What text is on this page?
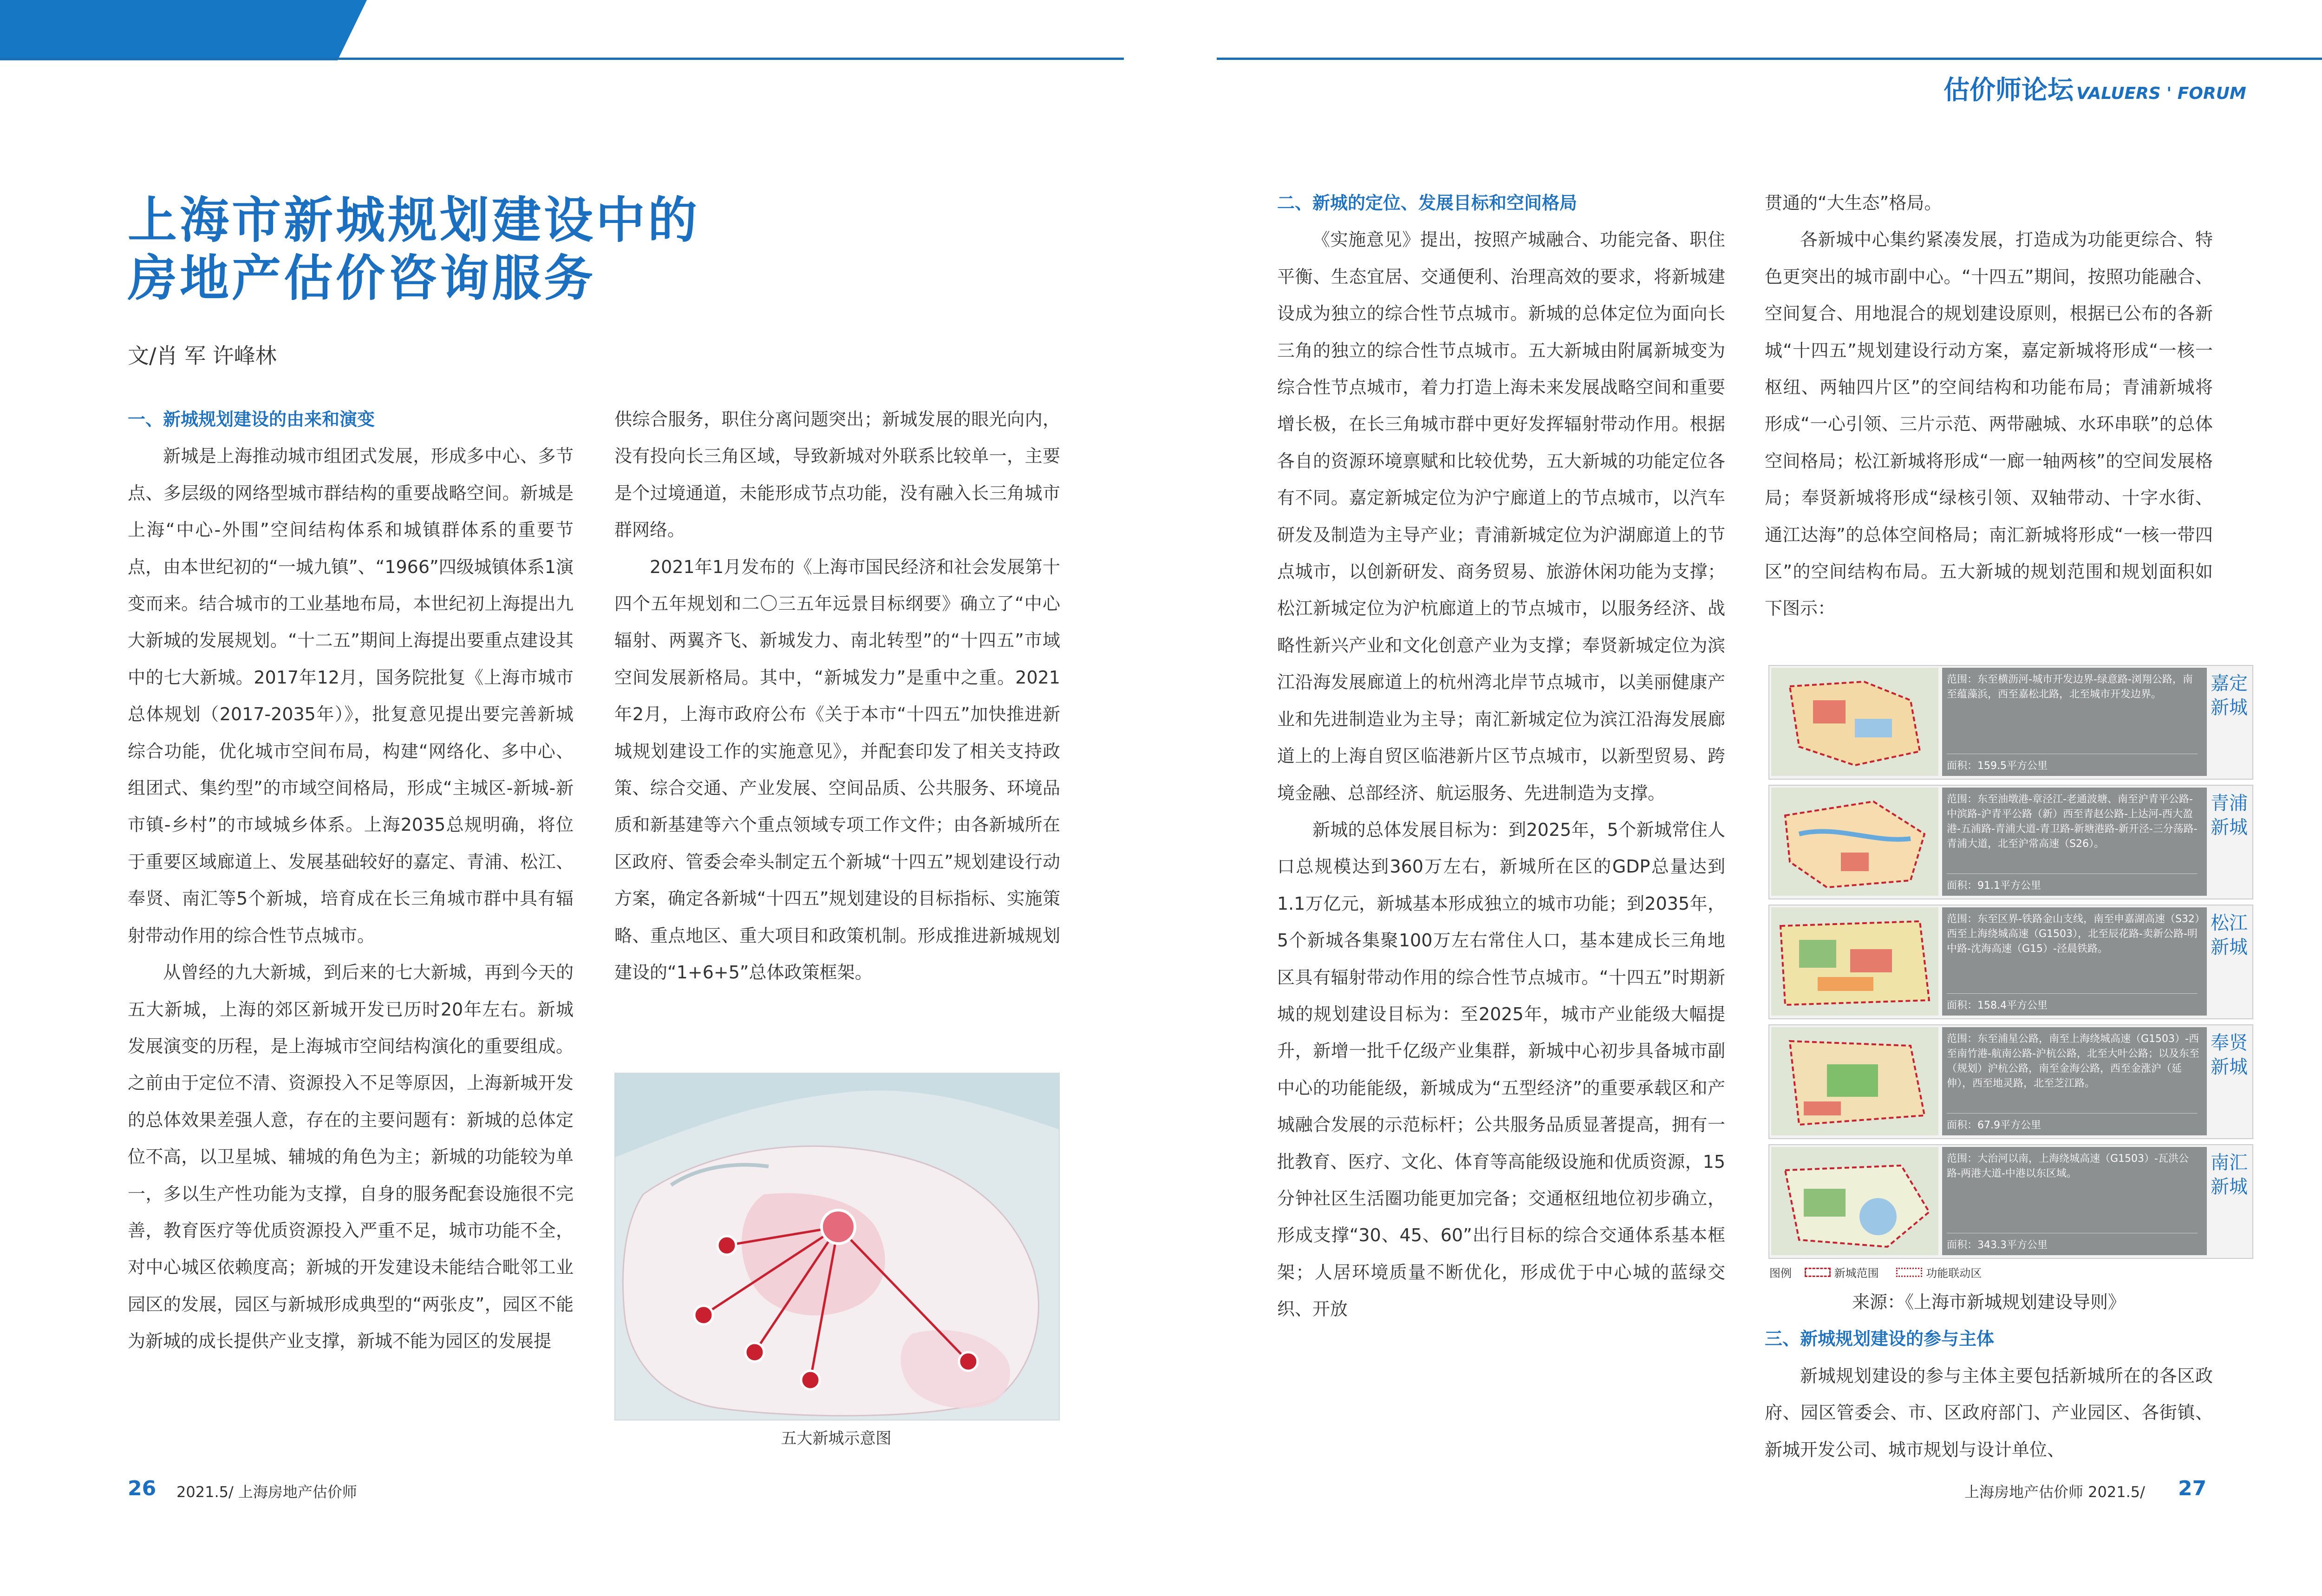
估价师论坛 VALUERS ' FORUM	估价师论坛 VALUERS ' FORUM
上海市新城规划建设中的
房地产估价咨询服务
文/肖 军 许峰林
一、新城规划建设的由来和演变

新城是上海推动城市组团式发展，形成多中心、多节点、多层级的网络型城市群结构的重要战略空间。新城是上海“中心-外围”空间结构体系和城镇群体系的重要节点，由本世纪初的“一城九镇”、“1966”四级城镇体系1演变而来。结合城市的工业基地布局，本世纪初上海提出九大新城的发展规划。“十二五”期间上海提出要重点建设其中的七大新城。2017年12月，国务院批复《上海市城市总体规划（2017-2035年）》，批复意见提出要完善新城综合功能，优化城市空间布局，构建“网络化、多中心、组团式、集约型”的市域空间格局，形成“主城区-新城-新市镇-乡村”的市域城乡体系。上海2035总规明确，将位于重要区域廊道上、发展基础较好的嘉定、青浦、松江、奉贤、南汇等5个新城，培育成在长三角城市群中具有辐射带动作用的综合性节点城市。

从曾经的九大新城，到后来的七大新城，再到今天的五大新城，上海的郊区新城开发已历时20年左右。新城发展演变的历程，是上海城市空间结构演化的重要组成。之前由于定位不清、资源投入不足等原因，上海新城开发的总体效果差强人意，存在的主要问题有：新城的总体定位不高，以卫星城、辅城的角色为主；新城的功能较为单一，多以生产性功能为支撑，自身的服务配套设施很不完善，教育医疗等优质资源投入严重不足，城市功能不全，对中心城区依赖度高；新城的开发建设未能结合毗邻工业园区的发展，园区与新城形成典型的“两张皮”，园区不能为新城的成长提供产业支撑，新城不能为园区的发展提

供综合服务，职住分离问题突出；新城发展的眼光向内，没有投向长三角区域，导致新城对外联系比较单一，主要是个过境通道，未能形成节点功能，没有融入长三角城市群网络。

2021年1月发布的《上海市国民经济和社会发展第十四个五年规划和二〇三五年远景目标纲要》确立了“中心辐射、两翼齐飞、新城发力、南北转型”的“十四五”市域空间发展新格局。其中，“新城发力”是重中之重。2021年2月，上海市政府公布《关于本市“十四五”加快推进新城规划建设工作的实施意见》，并配套印发了相关支持政策、综合交通、产业发展、空间品质、公共服务、环境品质和新基建等六个重点领域专项工作文件；由各新城所在区政府、管委会牵头制定五个新城“十四五”规划建设行动方案，确定各新城“十四五”规划建设的目标指标、实施策略、重点地区、重大项目和政策机制。形成推进新城规划建设的“1+6+5”总体政策框架。

五大新城示意图
二、新城的定位、发展目标和空间格局

《实施意见》提出，按照产城融合、功能完备、职住平衡、生态宜居、交通便利、治理高效的要求，将新城建设成为独立的综合性节点城市。新城的总体定位为面向长三角的独立的综合性节点城市。五大新城由附属新城变为综合性节点城市，着力打造上海未来发展战略空间和重要增长极，在长三角城市群中更好发挥辐射带动作用。根据各自的资源环境禀赋和比较优势，五大新城的功能定位各有不同。嘉定新城定位为沪宁廊道上的节点城市，以汽车研发及制造为主导产业；青浦新城定位为沪湖廊道上的节点城市，以创新研发、商务贸易、旅游休闲功能为支撑；松江新城定位为沪杭廊道上的节点城市，以服务经济、战略性新兴产业和文化创意产业为支撑；奉贤新城定位为滨江沿海发展廊道上的杭州湾北岸节点城市，以美丽健康产业和先进制造业为主导；南汇新城定位为滨江沿海发展廊道上的上海自贸区临港新片区节点城市，以新型贸易、跨境金融、总部经济、航运服务、先进制造为支撑。

新城的总体发展目标为：到2025年，5个新城常住人口总规模达到360万左右，新城所在区的GDP总量达到1.1万亿元，新城基本形成独立的城市功能；到2035年，5个新城各集聚100万左右常住人口，基本建成长三角地区具有辐射带动作用的综合性节点城市。“十四五”时期新城的规划建设目标为：至2025年，城市产业能级大幅提升，新增一批千亿级产业集群，新城中心初步具备城市副中心的功能能级，新城成为“五型经济”的重要承载区和产城融合发展的示范标杆；公共服务品质显著提高，拥有一批教育、医疗、文化、体育等高能级设施和优质资源，15分钟社区生活圈功能更加完备；交通枢纽地位初步确立，形成支撑“30、45、60”出行目标的综合交通体系基本框架；人居环境质量不断优化，形成优于中心城的蓝绿交织、开放

贯通的“大生态”格局。

各新城中心集约紧凑发展，打造成为功能更综合、特色更突出的城市副中心。“十四五”期间，按照功能融合、空间复合、用地混合的规划建设原则，根据已公布的各新城“十四五”规划建设行动方案，嘉定新城将形成“一核一枢纽、两轴四片区”的空间结构和功能布局；青浦新城将形成“一心引领、三片示范、两带融城、水环串联”的总体空间格局；松江新城将形成“一廊一轴两核”的空间发展格局；奉贤新城将形成“绿核引领、双轴带动、十字水街、通江达海”的总体空间格局；南汇新城将形成“一核一带四区”的空间结构布局。五大新城的规划范围和规划面积如下图示：

范围：东至横沥河-城市开发边界-绿意路-浏翔公路，南至蕴藻浜，西至嘉松北路，北至城市开发边界。
面积：159.5平方公里
嘉定新城
范围：东至油墩港-章泾江-老通波塘、南至沪青平公路-中滨路-沪青平公路（新）西至青赵公路-上达河-西大盈港-五浦路-青浦大道-青卫路-新塘港路-新开泾-三分荡路-青浦大道，北至沪常高速（S26）。
面积：91.1平方公里
青浦新城
范围：东至区界-铁路金山支线，南至申嘉湖高速（S32）西至上海绕城高速（G1503），北至辰花路-卖新公路-明中路-沈海高速（G15）-泾晨铁路。
面积：158.4平方公里
松江新城
范围：东至浦星公路，南至上海绕城高速（G1503）-西至南竹港-航南公路-沪杭公路，北至大叶公路；以及东至（规划）沪杭公路，南至金海公路，西至金涨沪（延伸），西至地灵路，北至芝江路。
面积：67.9平方公里
奉贤新城
范围：大治河以南，上海绕城高速（G1503）-瓦洪公路-两港大道-中港以东区域。
面积：343.3平方公里
南汇新城
图例	新城范围	功能联动区

来源：《上海市新城规划建设导则》

三、新城规划建设的参与主体

新城规划建设的参与主体主要包括新城所在的各区政府、园区管委会、市、区政府部门、产业园区、各街镇、新城开发公司、城市规划与设计单位、

26 2021.5/ 上海房地产估价师	上海房地产估价师 2021.5/ 27
